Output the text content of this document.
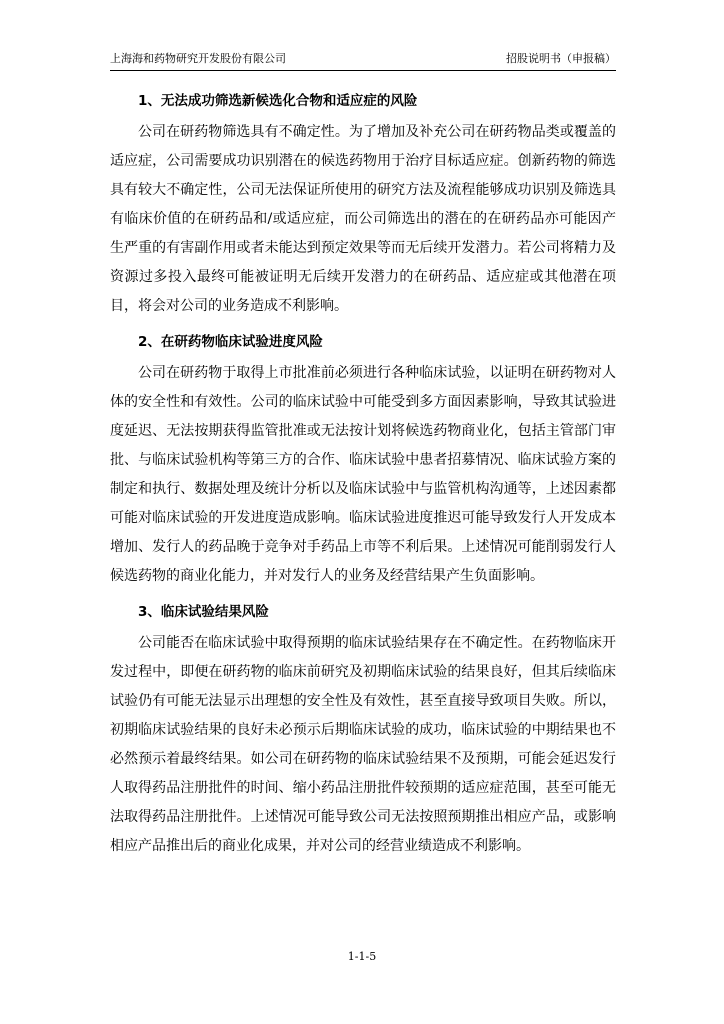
上海海和药物研究开发股份有限公司	招股说明书（申报稿）
1、无法成功筛选新候选化合物和适应症的风险

公司在研药物筛选具有不确定性。为了增加及补充公司在研药物品类或覆盖的适应症，公司需要成功识别潜在的候选药物用于治疗目标适应症。创新药物的筛选具有较大不确定性，公司无法保证所使用的研究方法及流程能够成功识别及筛选具有临床价值的在研药品和/或适应症，而公司筛选出的潜在的在研药品亦可能因产生严重的有害副作用或者未能达到预定效果等而无后续开发潜力。若公司将精力及资源过多投入最终可能被证明无后续开发潜力的在研药品、适应症或其他潜在项目，将会对公司的业务造成不利影响。

2、在研药物临床试验进度风险

公司在研药物于取得上市批准前必须进行各种临床试验，以证明在研药物对人体的安全性和有效性。公司的临床试验中可能受到多方面因素影响，导致其试验进度延迟、无法按期获得监管批准或无法按计划将候选药物商业化，包括主管部门审批、与临床试验机构等第三方的合作、临床试验中患者招募情况、临床试验方案的制定和执行、数据处理及统计分析以及临床试验中与监管机构沟通等，上述因素都可能对临床试验的开发进度造成影响。临床试验进度推迟可能导致发行人开发成本增加、发行人的药品晚于竞争对手药品上市等不利后果。上述情况可能削弱发行人候选药物的商业化能力，并对发行人的业务及经营结果产生负面影响。

3、临床试验结果风险

公司能否在临床试验中取得预期的临床试验结果存在不确定性。在药物临床开发过程中，即便在研药物的临床前研究及初期临床试验的结果良好，但其后续临床试验仍有可能无法显示出理想的安全性及有效性，甚至直接导致项目失败。所以，初期临床试验结果的良好未必预示后期临床试验的成功，临床试验的中期结果也不必然预示着最终结果。如公司在研药物的临床试验结果不及预期，可能会延迟发行人取得药品注册批件的时间、缩小药品注册批件较预期的适应症范围，甚至可能无法取得药品注册批件。上述情况可能导致公司无法按照预期推出相应产品，或影响相应产品推出后的商业化成果，并对公司的经营业绩造成不利影响。

1-1-5
